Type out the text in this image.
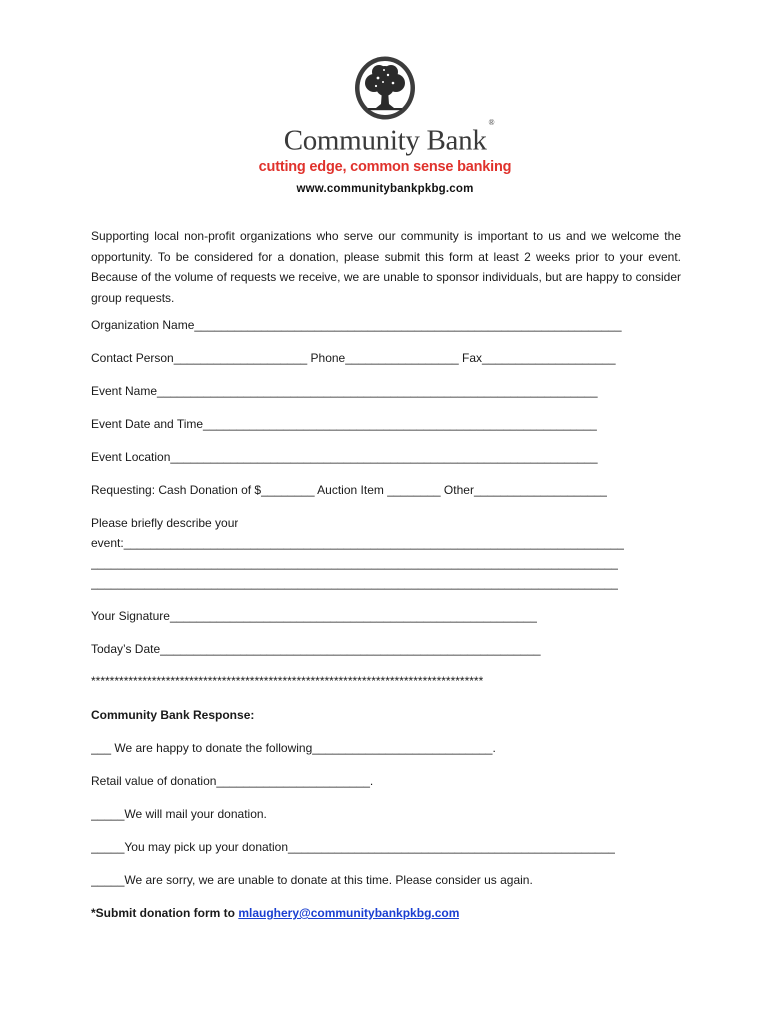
Community Bank®
cutting edge, common sense banking
www.communitybankpkbg.com

Supporting local non-profit organizations who serve our community is important to us and we welcome the opportunity. To be considered for a donation, please submit this form at least 2 weeks prior to your event. Because of the volume of requests we receive, we are unable to sponsor individuals, but are happy to consider group requests.

Organization Name________________________________________________________________
Contact Person____________________ Phone_________________ Fax____________________
Event Name__________________________________________________________________
Event Date and Time___________________________________________________________
Event Location________________________________________________________________
Requesting: Cash Donation of $________ Auction Item ________ Other____________________
Please briefly describe your
event:___________________________________________________________________________
_______________________________________________________________________________
_______________________________________________________________________________
Your Signature_______________________________________________________
Today’s Date_________________________________________________________
************************************************************************************
Community Bank Response:
___ We are happy to donate the following___________________________.
Retail value of donation_______________________.
_____We will mail your donation.
_____You may pick up your donation_________________________________________________
_____We are sorry, we are unable to donate at this time. Please consider us again.
*Submit donation form to mlaughery@communitybankpkbg.com
